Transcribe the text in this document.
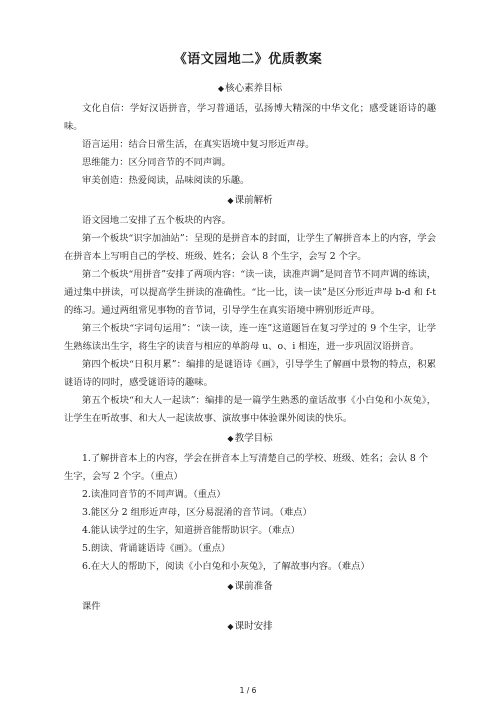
《语文园地二》优质教案
◆核心素养目标

文化自信：学好汉语拼音，学习普通话，弘扬博大精深的中华文化；感受谜语诗的趣味。

语言运用：结合日常生活，在真实语境中复习形近声母。

思维能力：区分同音节的不同声调。

审美创造：热爱阅读，品味阅读的乐趣。

◆课前解析

语文园地二安排了五个板块的内容。

第一个板块“识字加油站”：呈现的是拼音本的封面，让学生了解拼音本上的内容，学会在拼音本上写明自己的学校、班级、姓名；会认 8 个生字，会写 2 个字。

第二个板块“用拼音”安排了两项内容：“读一读，读准声调”是同音节不同声调的练读，通过集中拼读，可以提高学生拼读的准确性。“比一比，读一读”是区分形近声母 b-d 和 f-t 的练习。通过两组常见事物的音节词，引导学生在真实语境中辨别形近声母。

第三个板块“字词句运用”：“读一读，连一连”这道题旨在复习学过的 9 个生字，让学生熟练读出生字，将生字的读音与相应的单韵母 u、o、i 相连，进一步巩固汉语拼音。

第四个板块“日积月累”：编排的是谜语诗《画》，引导学生了解画中景物的特点，积累谜语诗的同时，感受谜语诗的趣味。

第五个板块“和大人一起读”：编排的是一篇学生熟悉的童话故事《小白兔和小灰兔》，让学生在听故事、和大人一起读故事、演故事中体验课外阅读的快乐。

◆教学目标

1.了解拼音本上的内容，学会在拼音本上写清楚自己的学校、班级、姓名；会认 8 个生字，会写 2 个字。（重点）

2.读准同音节的不同声调。（重点）

3.能区分 2 组形近声母，区分易混淆的音节词。（难点）

4.能认读学过的生字，知道拼音能帮助识字。（难点）

5.朗读、背诵谜语诗《画》。（重点）

6.在大人的帮助下，阅读《小白兔和小灰兔》，了解故事内容。（难点）

◆课前准备

课件

◆课时安排
1 / 6
